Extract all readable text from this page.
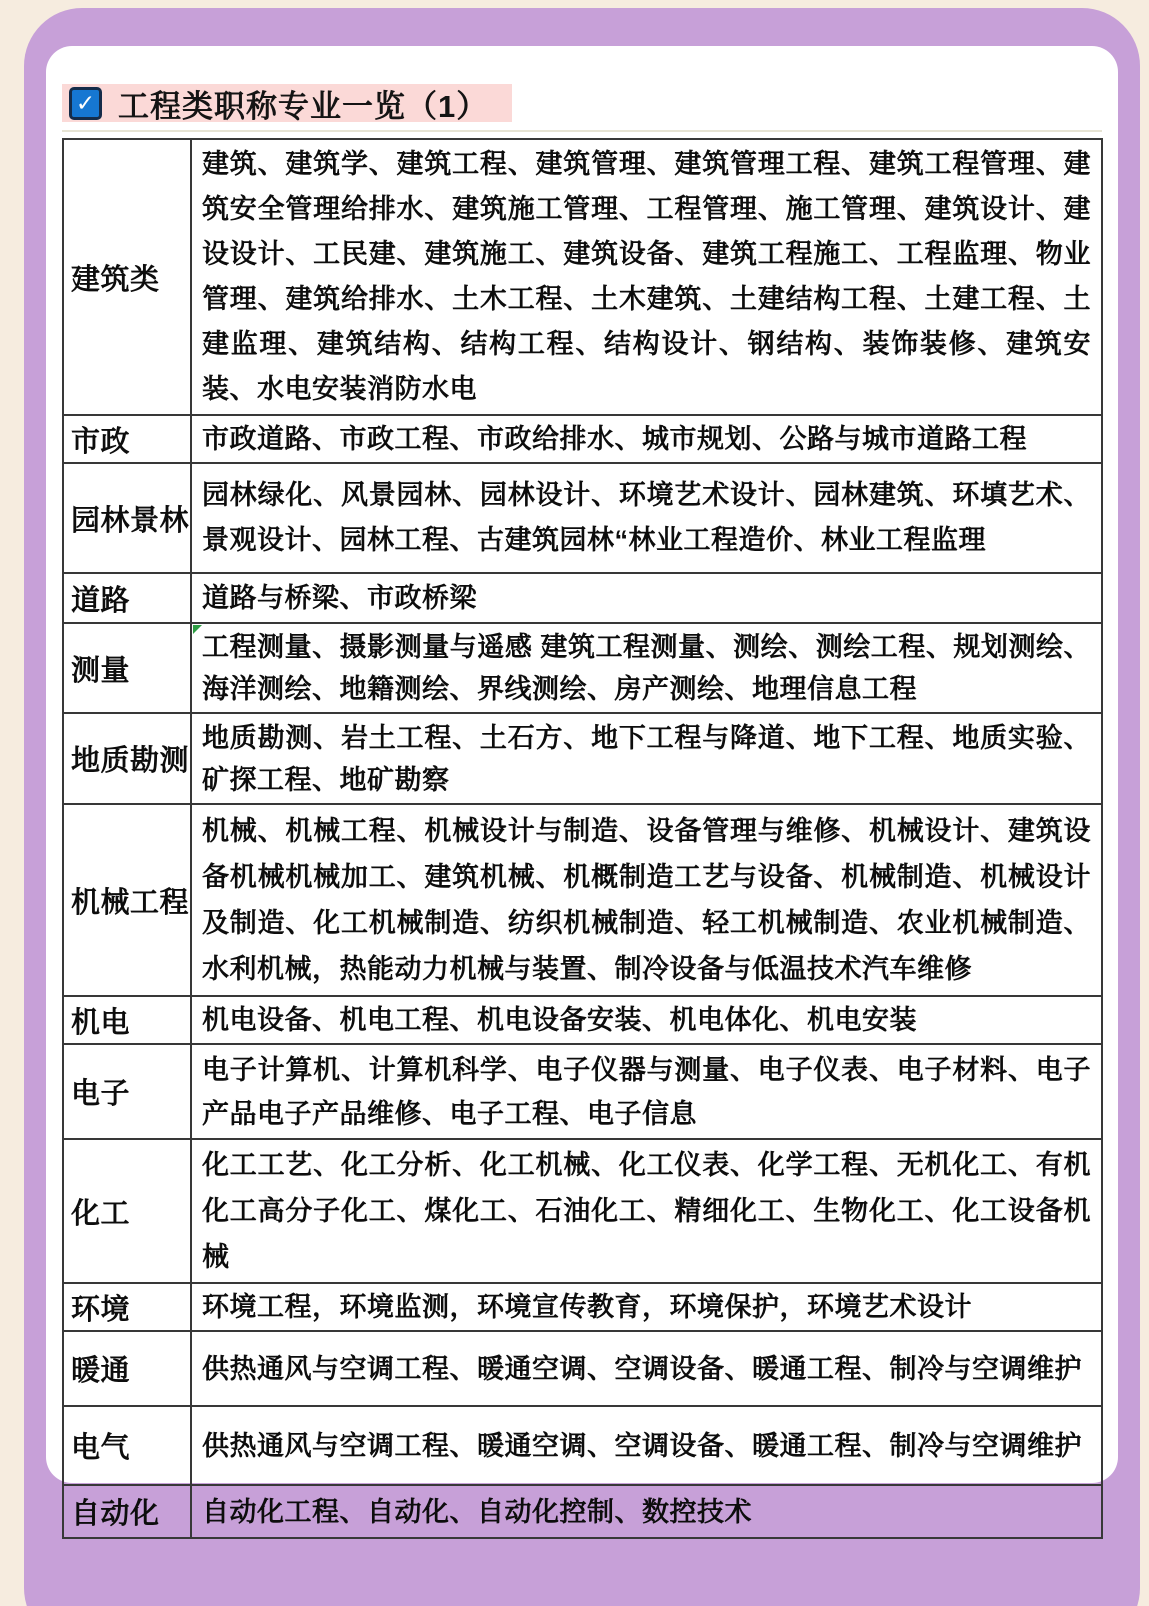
✓ 工程类职称专业一览（1）
建筑类	建筑、建筑学、建筑工程、建筑管理、建筑管理工程、建筑工程管理、建筑安全管理给排水、建筑施工管理、工程管理、施工管理、建筑设计、建设设计、工民建、建筑施工、建筑设备、建筑工程施工、工程监理、物业管理、建筑给排水、土木工程、土木建筑、土建结构工程、土建工程、土建监理、建筑结构、结构工程、结构设计、钢结构、装饰装修、建筑安装、水电安装消防水电

市政	市政道路、市政工程、市政给排水、城市规划、公路与城市道路工程

园林景林	园林绿化、风景园林、园林设计、环境艺术设计、园林建筑、环填艺术、景观设计、园林工程、古建筑园林“林业工程造价、林业工程监理

道路	道路与桥梁、市政桥梁

测量	工程测量、摄影测量与遥感 建筑工程测量、测绘、测绘工程、规划测绘、海洋测绘、地籍测绘、界线测绘、房产测绘、地理信息工程

地质勘测	地质勘测、岩土工程、土石方、地下工程与降道、地下工程、地质实验、矿探工程、地矿勘察

机械工程	机械、机械工程、机械设计与制造、设备管理与维修、机械设计、建筑设备机械机械加工、建筑机械、机概制造工艺与设备、机械制造、机械设计及制造、化工机械制造、纺织机械制造、轻工机械制造、农业机械制造、水利机械，热能动力机械与装置、制冷设备与低温技术汽车维修

机电	机电设备、机电工程、机电设备安装、机电体化、机电安装

电子	电子计算机、计算机科学、电子仪器与测量、电子仪表、电子材料、电子产品电子产品维修、电子工程、电子信息

化工	化工工艺、化工分析、化工机械、化工仪表、化学工程、无机化工、有机化工高分子化工、煤化工、石油化工、精细化工、生物化工、化工设备机械

环境	环境工程，环境监测，环境宣传教育，环境保护，环境艺术设计

暖通	供热通风与空调工程、暖通空调、空调设备、暖通工程、制冷与空调维护

电气	供热通风与空调工程、暖通空调、空调设备、暖通工程、制冷与空调维护

自动化	自动化工程、自动化、自动化控制、数控技术
